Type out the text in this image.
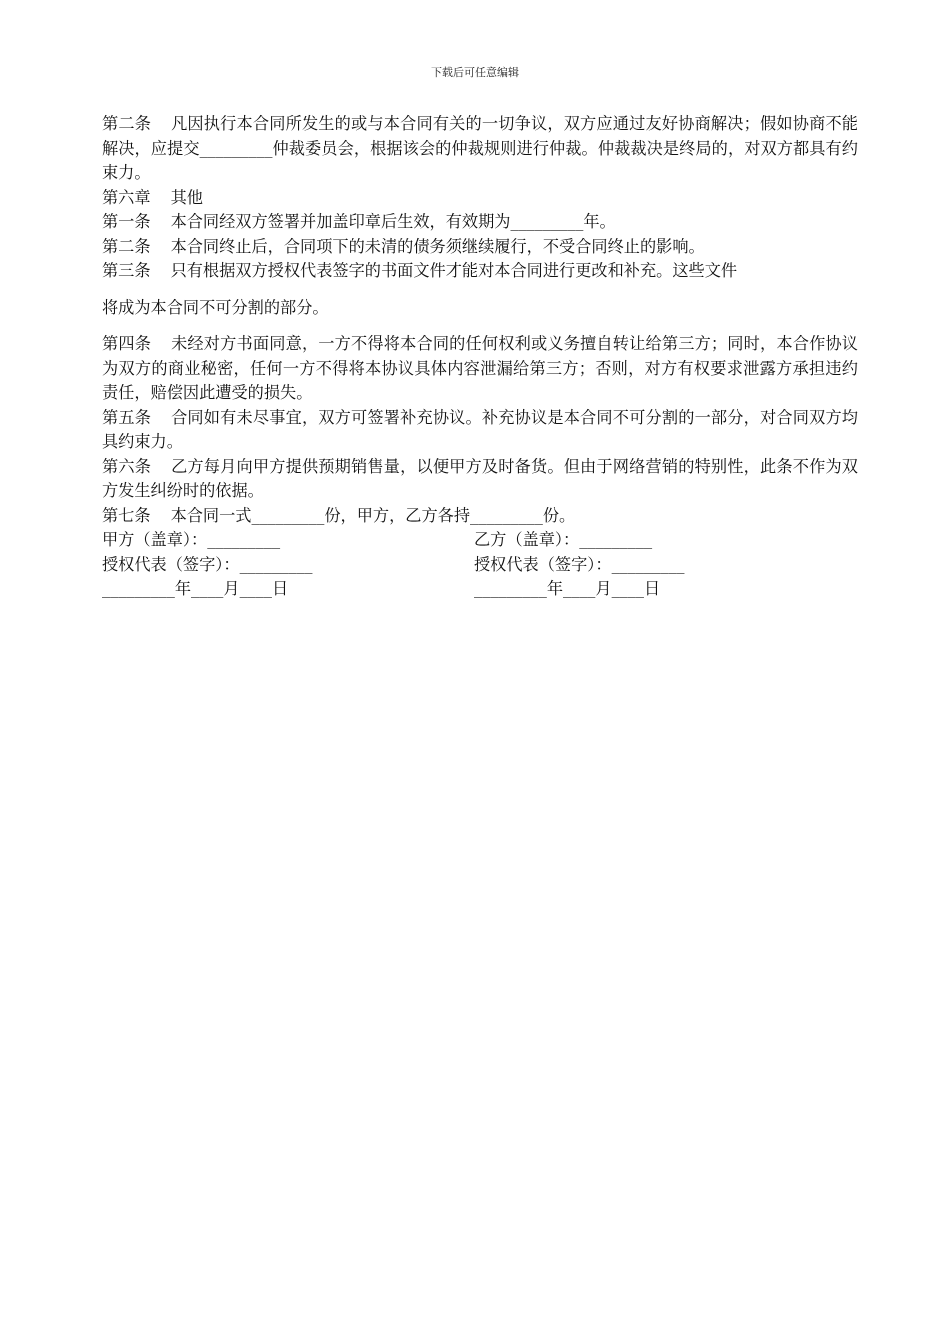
下载后可任意编辑

第二条 凡因执行本合同所发生的或与本合同有关的一切争议，双方应通过友好协商解决；假如协商不能解决，应提交_________仲裁委员会，根据该会的仲裁规则进行仲裁。仲裁裁决是终局的，对双方都具有约束力。

第六章 其他

第一条 本合同经双方签署并加盖印章后生效，有效期为_________年。

第二条 本合同终止后，合同项下的未清的债务须继续履行，不受合同终止的影响。

第三条 只有根据双方授权代表签字的书面文件才能对本合同进行更改和补充。这些文件

将成为本合同不可分割的部分。

第四条 未经对方书面同意，一方不得将本合同的任何权利或义务擅自转让给第三方；同时，本合作协议为双方的商业秘密，任何一方不得将本协议具体内容泄漏给第三方；否则，对方有权要求泄露方承担违约责任，赔偿因此遭受的损失。

第五条 合同如有未尽事宜，双方可签署补充协议。补充协议是本合同不可分割的一部分，对合同双方均具约束力。

第六条 乙方每月向甲方提供预期销售量，以便甲方及时备货。但由于网络营销的特别性，此条不作为双方发生纠纷时的依据。

第七条 本合同一式_________份，甲方，乙方各持_________份。

甲方（盖章）：_________	乙方（盖章）：_________
授权代表（签字）：_________	授权代表（签字）：_________
_________年____月____日	_________年____月____日
